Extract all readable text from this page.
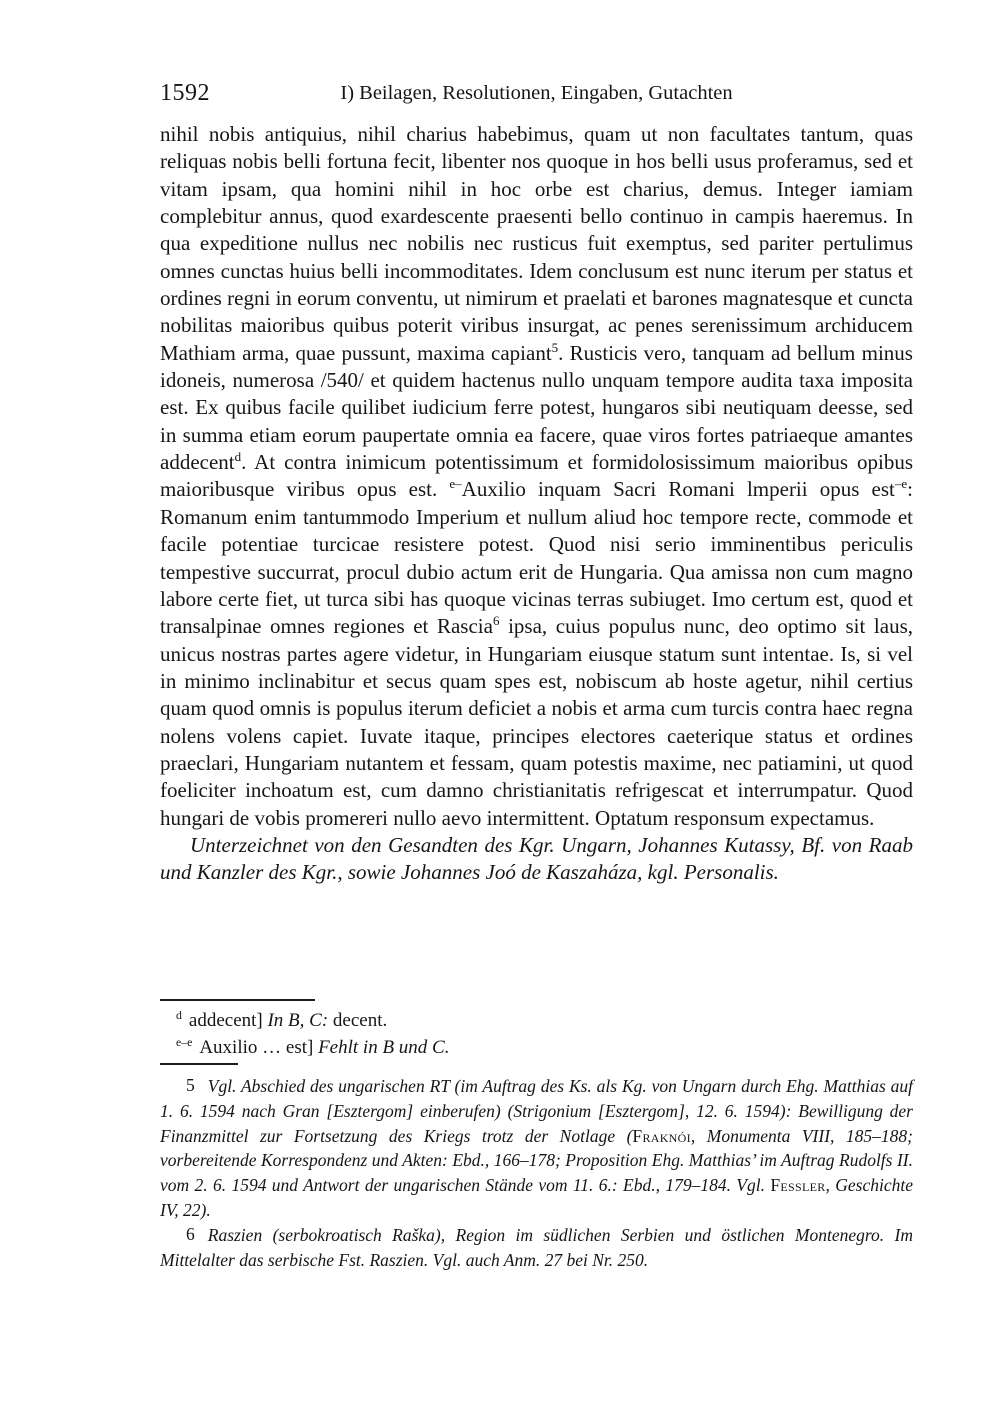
1592	I) Beilagen, Resolutionen, Eingaben, Gutachten

nihil nobis antiquius, nihil charius habebimus, quam ut non facultates tantum, quas reliquas nobis belli fortuna fecit, libenter nos quoque in hos belli usus proferamus, sed et vitam ipsam, qua homini nihil in hoc orbe est charius, demus. Integer iamiam complebitur annus, quod exardescente praesenti bello continuo in campis haeremus. In qua expeditione nullus nec nobilis nec rusticus fuit exemptus, sed pariter pertulimus omnes cunctas huius belli incommoditates. Idem conclusum est nunc iterum per status et ordines regni in eorum conventu, ut nimirum et praelati et barones magnatesque et cuncta nobilitas maioribus quibus poterit viribus insurgat, ac penes serenissimum archiducem Mathiam arma, quae pussunt, maxima capiant$^5$. Rusticis vero, tanquam ad bellum minus idoneis, numerosa /540/ et quidem hactenus nullo unquam tempore audita taxa imposita est. Ex quibus facile quilibet iudicium ferre potest, hungaros sibi neutiquam deesse, sed in summa etiam eorum paupertate omnia ea facere, quae viros fortes patriaeque amantes addecent$^d$. At contra inimicum potentissimum et formidolosissimum maioribus opibus maioribusque viribus opus est. $^{e-}$Auxilio inquam Sacri Romani lmperii opus est$^{-e}$: Romanum enim tantummodo Imperium et nullum aliud hoc tempore recte, commode et facile potentiae turcicae resistere potest. Quod nisi serio imminentibus periculis tempestive succurrat, procul dubio actum erit de Hungaria. Qua amissa non cum magno labore certe fiet, ut turca sibi has quoque vicinas terras subiuget. Imo certum est, quod et transalpinae omnes regiones et Rascia$^6$ ipsa, cuius populus nunc, deo optimo sit laus, unicus nostras partes agere videtur, in Hungariam eiusque statum sunt intentae. Is, si vel in minimo inclinabitur et secus quam spes est, nobiscum ab hoste agetur, nihil certius quam quod omnis is populus iterum deficiet a nobis et arma cum turcis contra haec regna nolens volens capiet. Iuvate itaque, principes electores caeterique status et ordines praeclari, Hungariam nutantem et fessam, quam potestis maxime, nec patiamini, ut quod foeliciter inchoatum est, cum damno christianitatis refrigescat et interrumpatur. Quod hungari de vobis promereri nullo aevo intermittent. Optatum responsum expectamus.

Unterzeichnet von den Gesandten des Kgr. Ungarn, Johannes Kutassy, Bf. von Raab und Kanzler des Kgr., sowie Johannes Joó de Kaszaháza, kgl. Personalis.

$^d$ addecent] In B, C: decent.

$^{e-e}$ Auxilio … est] Fehlt in B und C.

5 Vgl. Abschied des ungarischen RT (im Auftrag des Ks. als Kg. von Ungarn durch Ehg. Matthias auf 1. 6. 1594 nach Gran [Esztergom] einberufen) (Strigonium [Esztergom], 12. 6. 1594): Bewilligung der Finanzmittel zur Fortsetzung des Kriegs trotz der Notlage (Fraknói, Monumenta VIII, 185–188; vorbereitende Korrespondenz und Akten: Ebd., 166–178; Proposition Ehg. Matthias’ im Auftrag Rudolfs II. vom 2. 6. 1594 und Antwort der ungarischen Stände vom 11. 6.: Ebd., 179–184. Vgl. Fessler, Geschichte IV, 22).

6 Raszien (serbokroatisch Raška), Region im südlichen Serbien und östlichen Montenegro. Im Mittelalter das serbische Fst. Raszien. Vgl. auch Anm. 27 bei Nr. 250.
